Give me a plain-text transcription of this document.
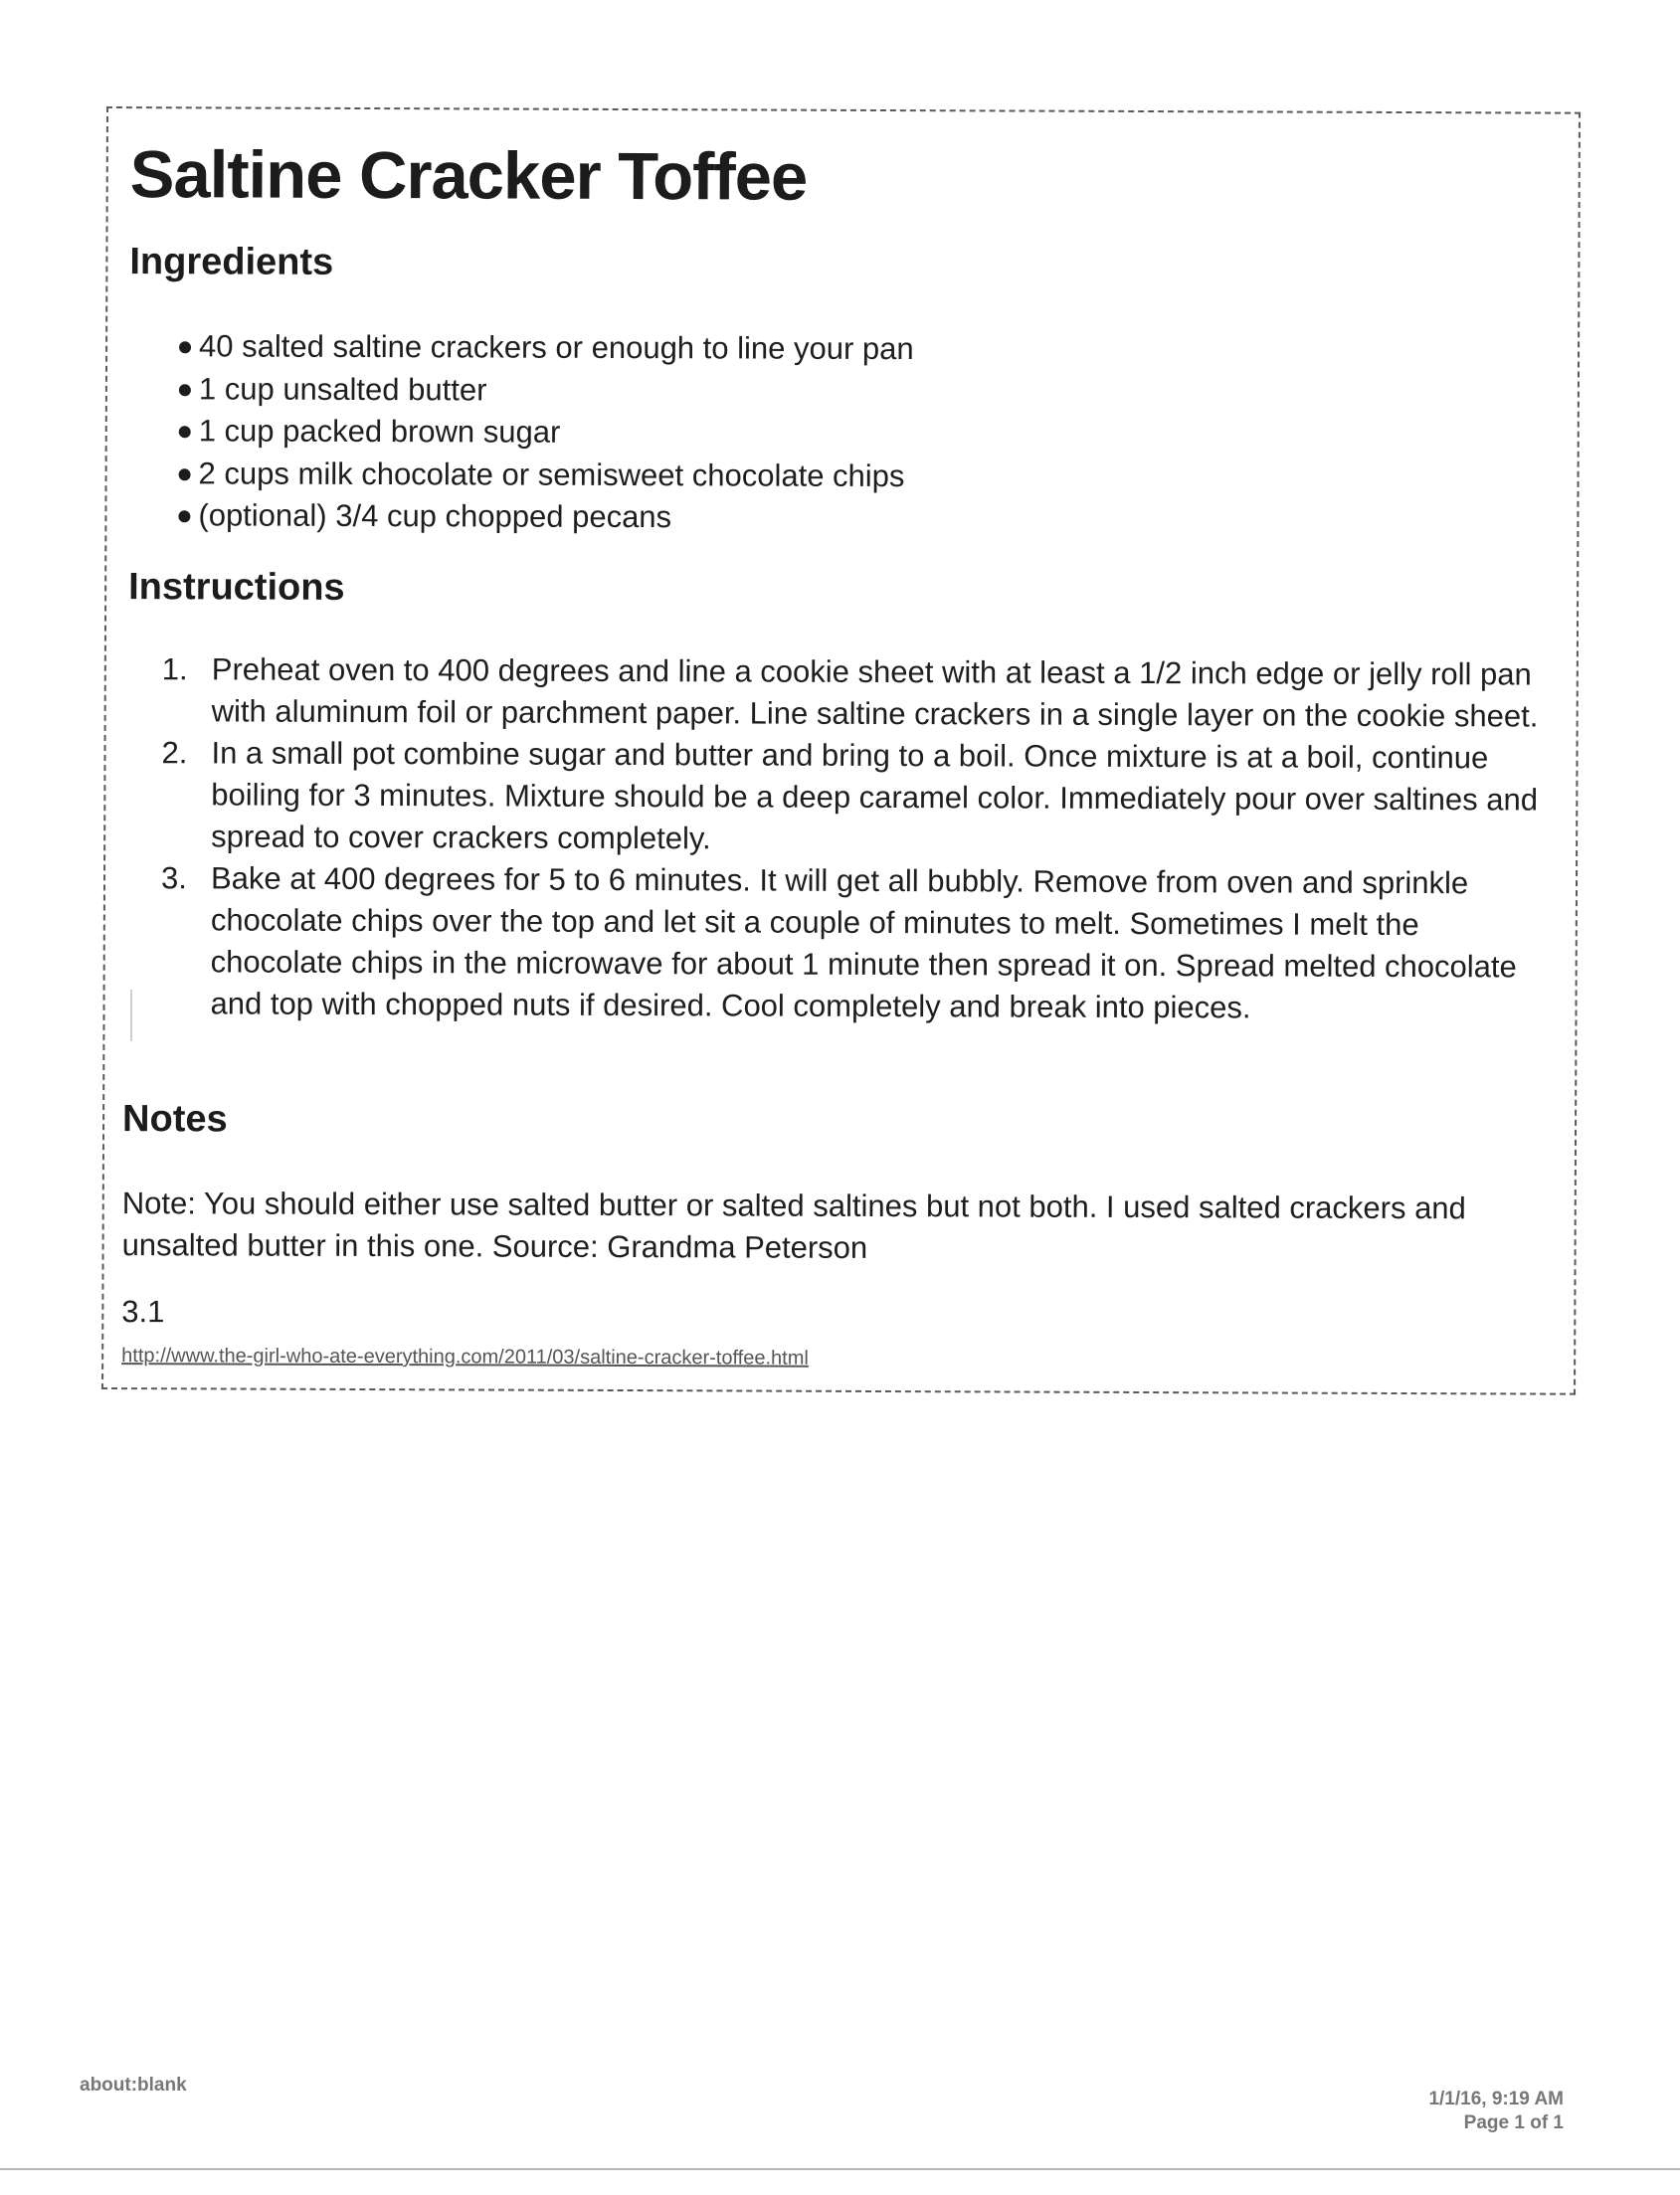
Saltine Cracker Toffee
Ingredients
40 salted saltine crackers or enough to line your pan
1 cup unsalted butter
1 cup packed brown sugar
2 cups milk chocolate or semisweet chocolate chips
(optional) 3/4 cup chopped pecans
Instructions
1. Preheat oven to 400 degrees and line a cookie sheet with at least a 1/2 inch edge or jelly roll pan with aluminum foil or parchment paper. Line saltine crackers in a single layer on the cookie sheet.
2. In a small pot combine sugar and butter and bring to a boil. Once mixture is at a boil, continue boiling for 3 minutes. Mixture should be a deep caramel color. Immediately pour over saltines and spread to cover crackers completely.
3. Bake at 400 degrees for 5 to 6 minutes. It will get all bubbly. Remove from oven and sprinkle chocolate chips over the top and let sit a couple of minutes to melt. Sometimes I melt the chocolate chips in the microwave for about 1 minute then spread it on. Spread melted chocolate and top with chopped nuts if desired. Cool completely and break into pieces.
Notes

Note: You should either use salted butter or salted saltines but not both. I used salted crackers and unsalted butter in this one. Source: Grandma Peterson

3.1

http://www.the-girl-who-ate-everything.com/2011/03/saltine-cracker-toffee.html
about:blank
1/1/16, 9:19 AM
Page 1 of 1
